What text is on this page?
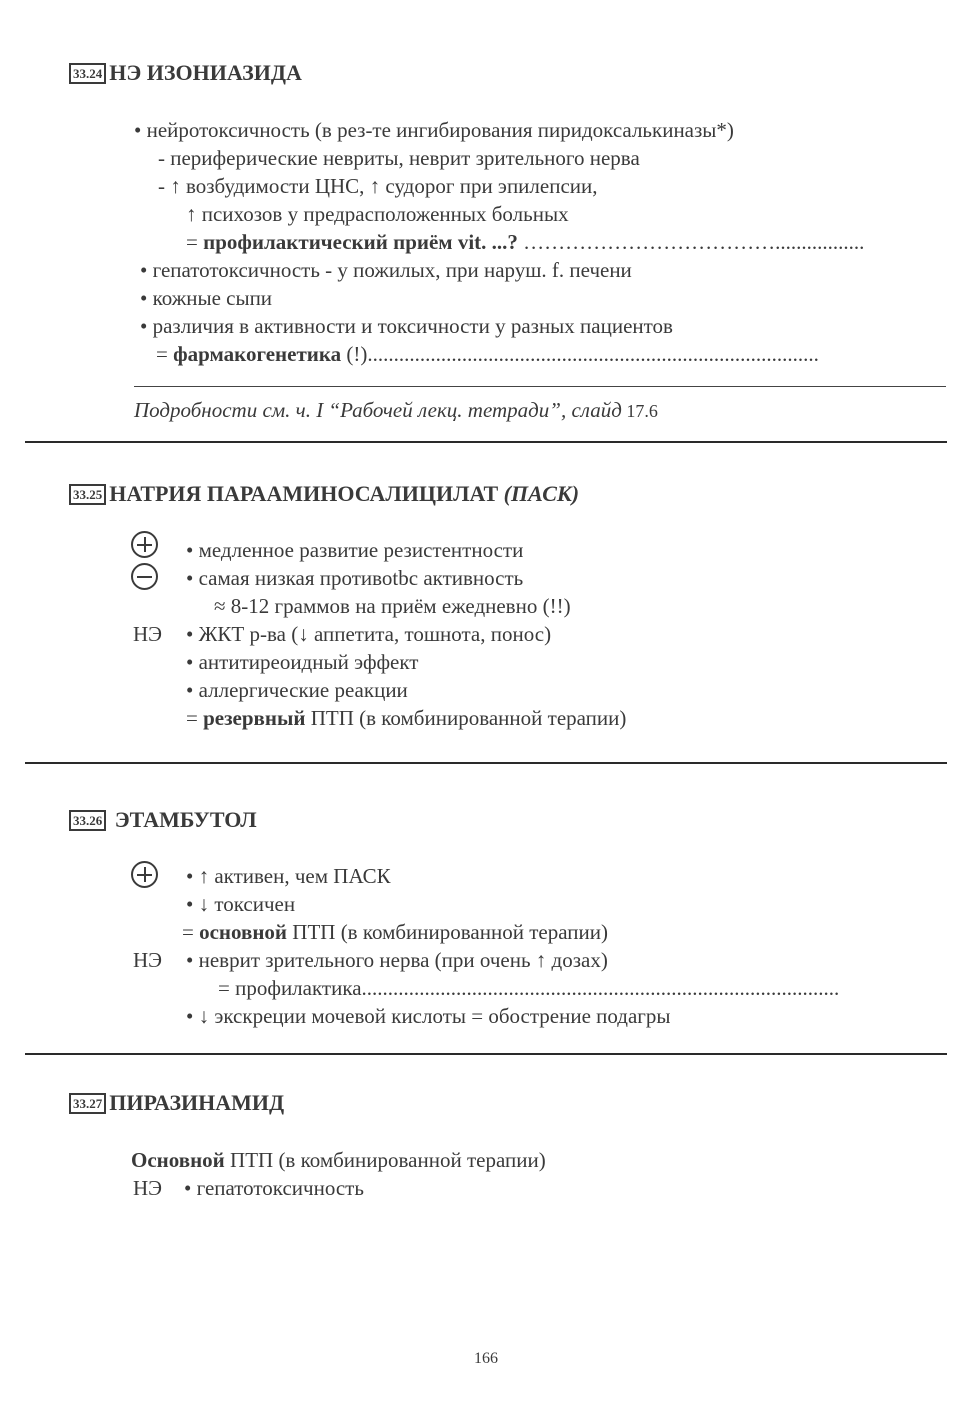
33.24 НЭ ИЗОНИАЗИДА
• нейротоксичность (в рез-те ингибирования пиридоксалькиназы*)
- периферические невриты, неврит зрительного нерва
- ↑ возбудимости ЦНС, ↑ судорог при эпилепсии,
↑ психозов у предрасположенных больных
= профилактический приём vit. ...? ……………………………….................
• гепатотоксичность - у пожилых, при наруш. f. печени
• кожные сыпи
• различия в активности и токсичности у разных пациентов
= фармакогенетика (!)......................................................................................
Подробности см. ч. I “Рабочей лекц. тетради”, слайд 17.6
33.25 НАТРИЯ ПАРААМИНОСАЛИЦИЛАТ (ПАСК)
• медленное развитие резистентности
• самая низкая противоtbc активность
≈ 8-12 граммов на приём ежедневно (!!)
НЭ • ЖКТ р-ва (↓ аппетита, тошнота, понос)
• антитиреоидный эффект
• аллергические реакции
= резервный ПТП (в комбинированной терапии)
33.26 ЭТАМБУТОЛ
• ↑ активен, чем ПАСК
• ↓ токсичен
= основной ПТП (в комбинированной терапии)
НЭ • неврит зрительного нерва (при очень ↑ дозах)
= профилактика...........................................................................................
• ↓ экскреции мочевой кислоты = обострение подагры
33.27 ПИРАЗИНАМИД
Основной ПТП (в комбинированной терапии)
НЭ • гепатотоксичность
166
